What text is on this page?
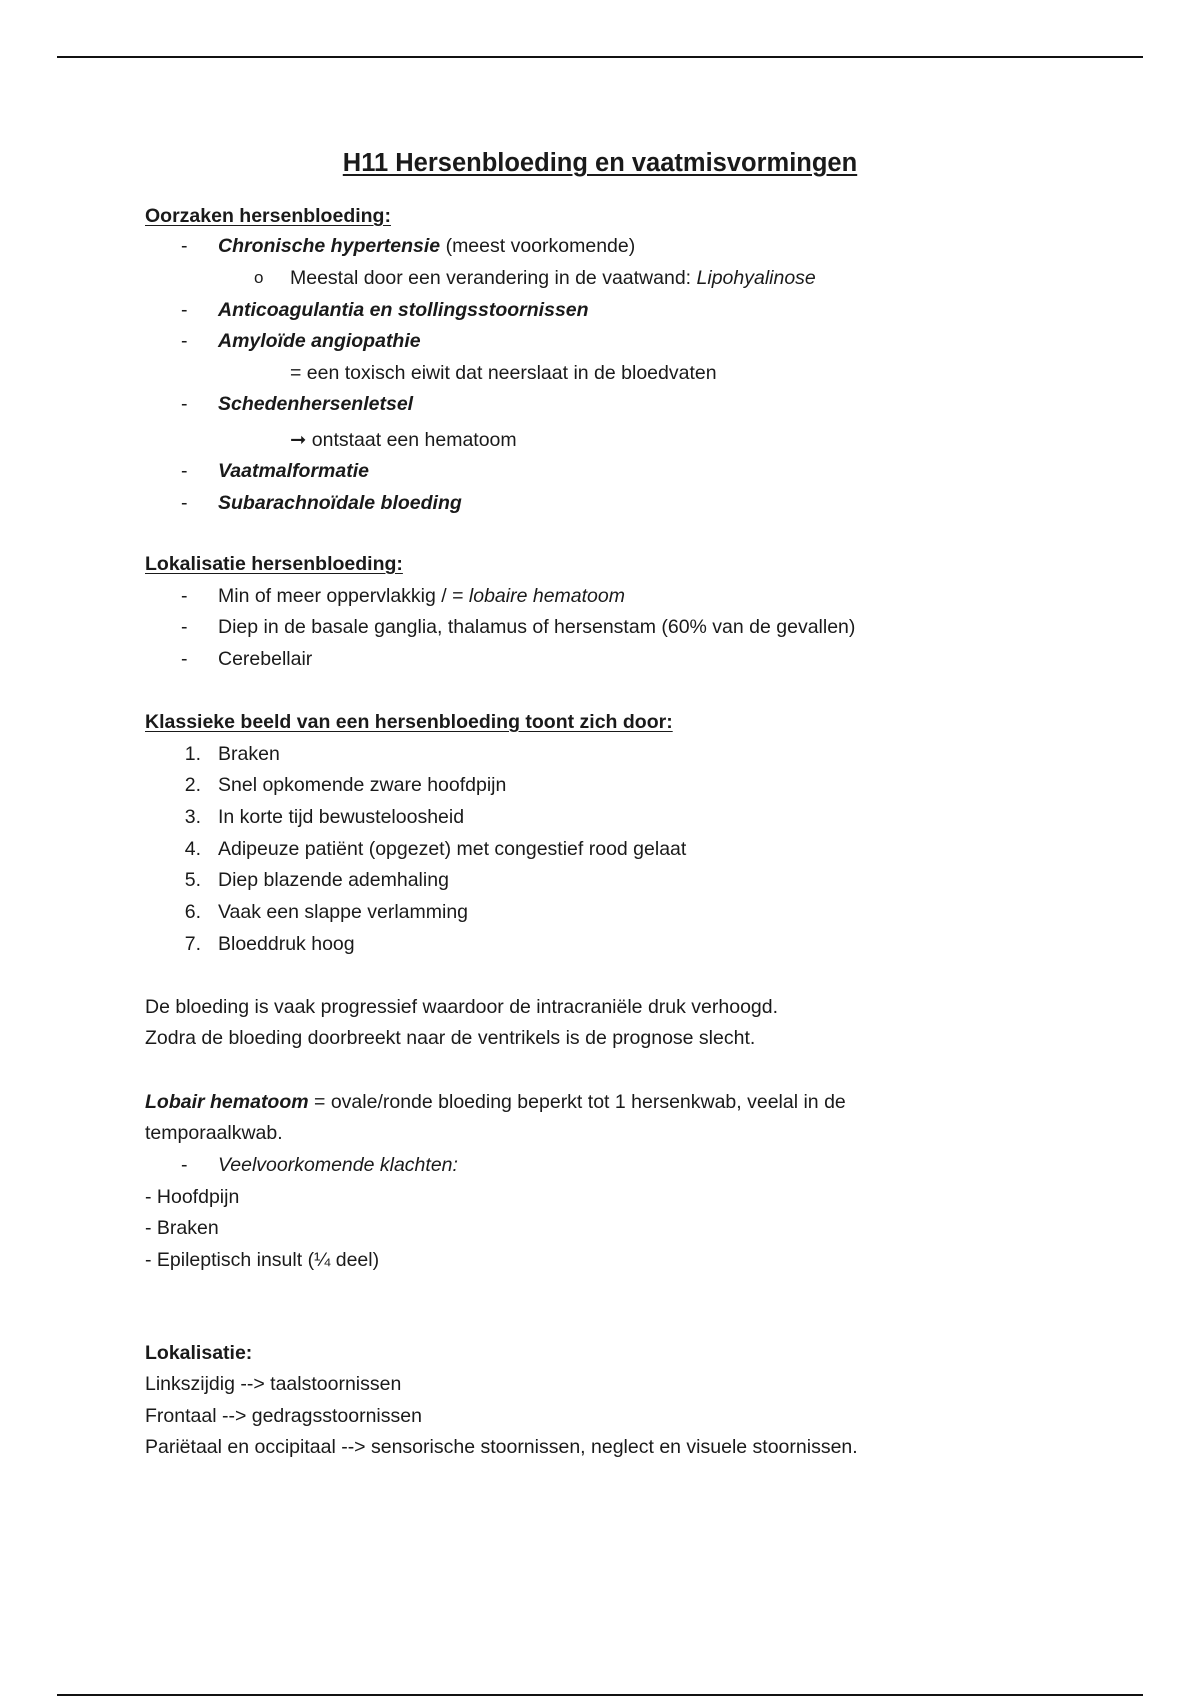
H11 Hersenbloeding en vaatmisvormingen
Oorzaken hersenbloeding:
- Chronische hypertensie (meest voorkomende)
o Meestal door een verandering in de vaatwand: Lipohyalinose
- Anticoagulantia en stollingsstoornissen
- Amyloïde angiopathie
= een toxisch eiwit dat neerslaat in de bloedvaten
- Schedenhersenletsel
➞ ontstaat een hematoom
- Vaatmalformatie
- Subarachnoïdale bloeding
Lokalisatie hersenbloeding:
- Min of meer oppervlakkig / = lobaire hematoom
- Diep in de basale ganglia, thalamus of hersenstam (60% van de gevallen)
- Cerebellair
Klassieke beeld van een hersenbloeding toont zich door:
1. Braken
2. Snel opkomende zware hoofdpijn
3. In korte tijd bewusteloosheid
4. Adipeuze patiënt (opgezet) met congestief rood gelaat
5. Diep blazende ademhaling
6. Vaak een slappe verlamming
7. Bloeddruk hoog
De bloeding is vaak progressief waardoor de intracraniële druk verhoogd.
Zodra de bloeding doorbreekt naar de ventrikels is de prognose slecht.
Lobair hematoom = ovale/ronde bloeding beperkt tot 1 hersenkwab, veelal in de
temporaalkwab.
- Veelvoorkomende klachten:
- Hoofdpijn
- Braken
- Epileptisch insult (¼ deel)
Lokalisatie:
Linkszijdig --> taalstoornissen
Frontaal --> gedragsstoornissen
Pariëtaal en occipitaal --> sensorische stoornissen, neglect en visuele stoornissen.
